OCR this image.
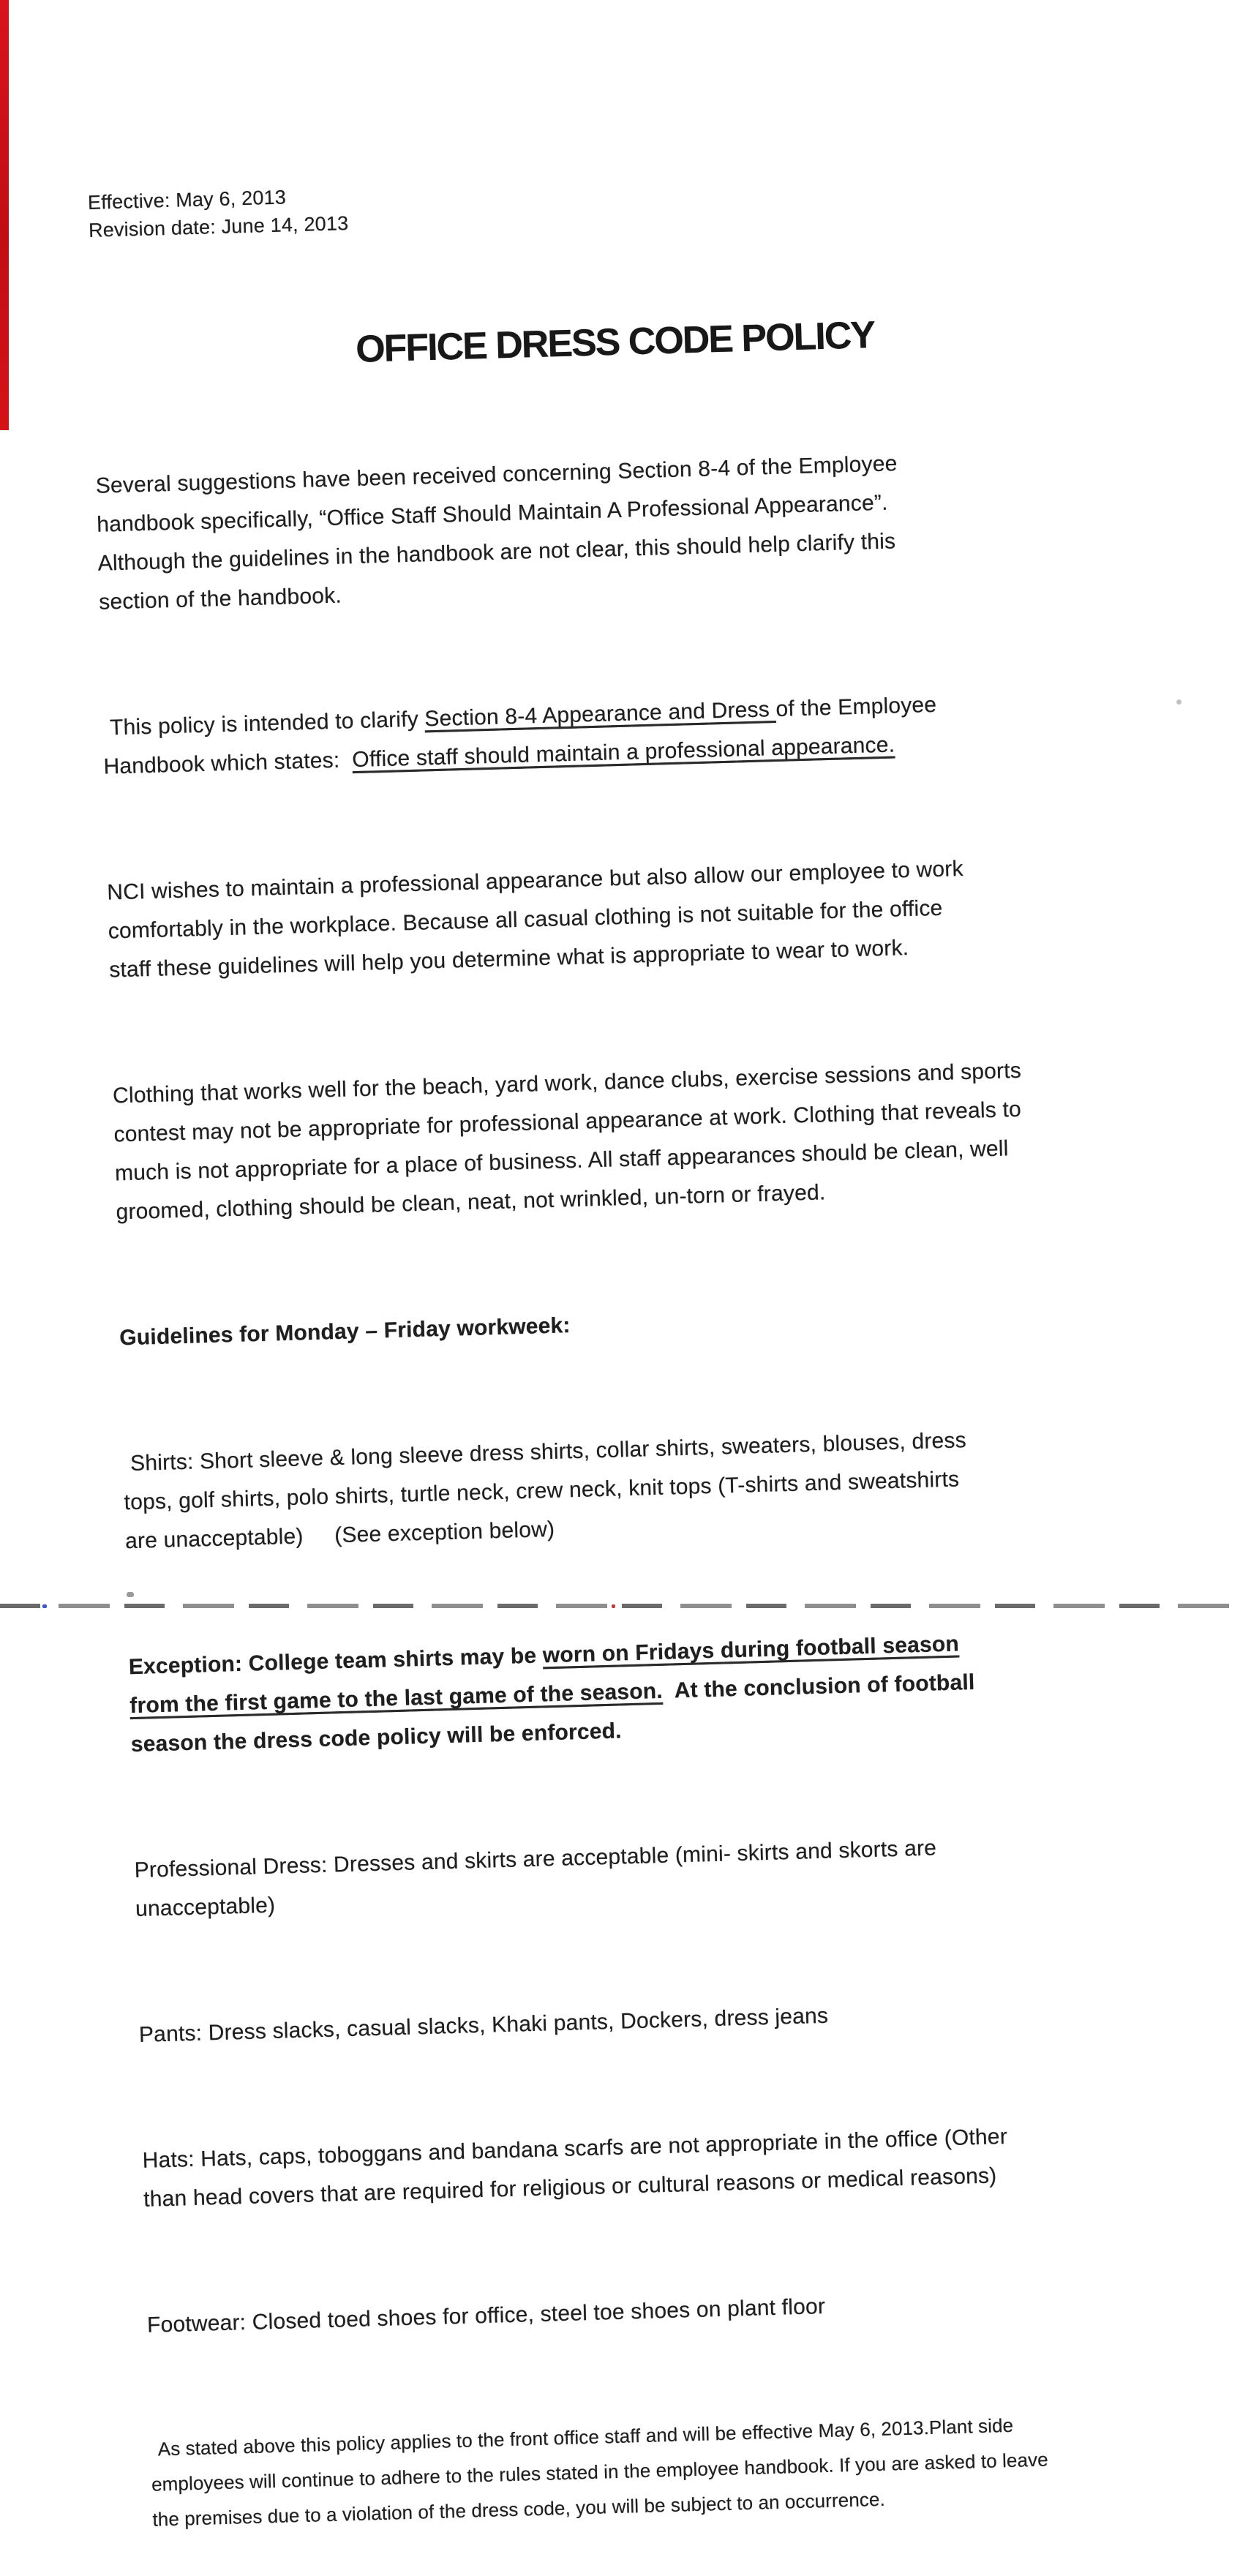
Effective: May 6, 2013
Revision date: June 14, 2013

OFFICE DRESS CODE POLICY

Several suggestions have been received concerning Section 8-4 of the Employee
handbook specifically, “Office Staff Should Maintain A Professional Appearance”.
Although the guidelines in the handbook are not clear, this should help clarify this
section of the handbook.

This policy is intended to clarify Section 8-4 Appearance and Dress of the Employee
Handbook which states:  Office staff should maintain a professional appearance.

NCI wishes to maintain a professional appearance but also allow our employee to work
comfortably in the workplace. Because all casual clothing is not suitable for the office
staff these guidelines will help you determine what is appropriate to wear to work.

Clothing that works well for the beach, yard work, dance clubs, exercise sessions and sports
contest may not be appropriate for professional appearance at work. Clothing that reveals to
much is not appropriate for a place of business. All staff appearances should be clean, well
groomed, clothing should be clean, neat, not wrinkled, un-torn or frayed.

Guidelines for Monday – Friday workweek:

Shirts: Short sleeve & long sleeve dress shirts, collar shirts, sweaters, blouses, dress
tops, golf shirts, polo shirts, turtle neck, crew neck, knit tops (T-shirts and sweatshirts
are unacceptable)     (See exception below)

Exception: College team shirts may be worn on Fridays during football season
from the first game to the last game of the season.  At the conclusion of football
season the dress code policy will be enforced.

Professional Dress: Dresses and skirts are acceptable (mini- skirts and skorts are
unacceptable)

Pants: Dress slacks, casual slacks, Khaki pants, Dockers, dress jeans

Hats: Hats, caps, toboggans and bandana scarfs are not appropriate in the office (Other
than head covers that are required for religious or cultural reasons or medical reasons)

Footwear: Closed toed shoes for office, steel toe shoes on plant floor

As stated above this policy applies to the front office staff and will be effective May 6, 2013.Plant side
employees will continue to adhere to the rules stated in the employee handbook. If you are asked to leave
the premises due to a violation of the dress code, you will be subject to an occurrence.
